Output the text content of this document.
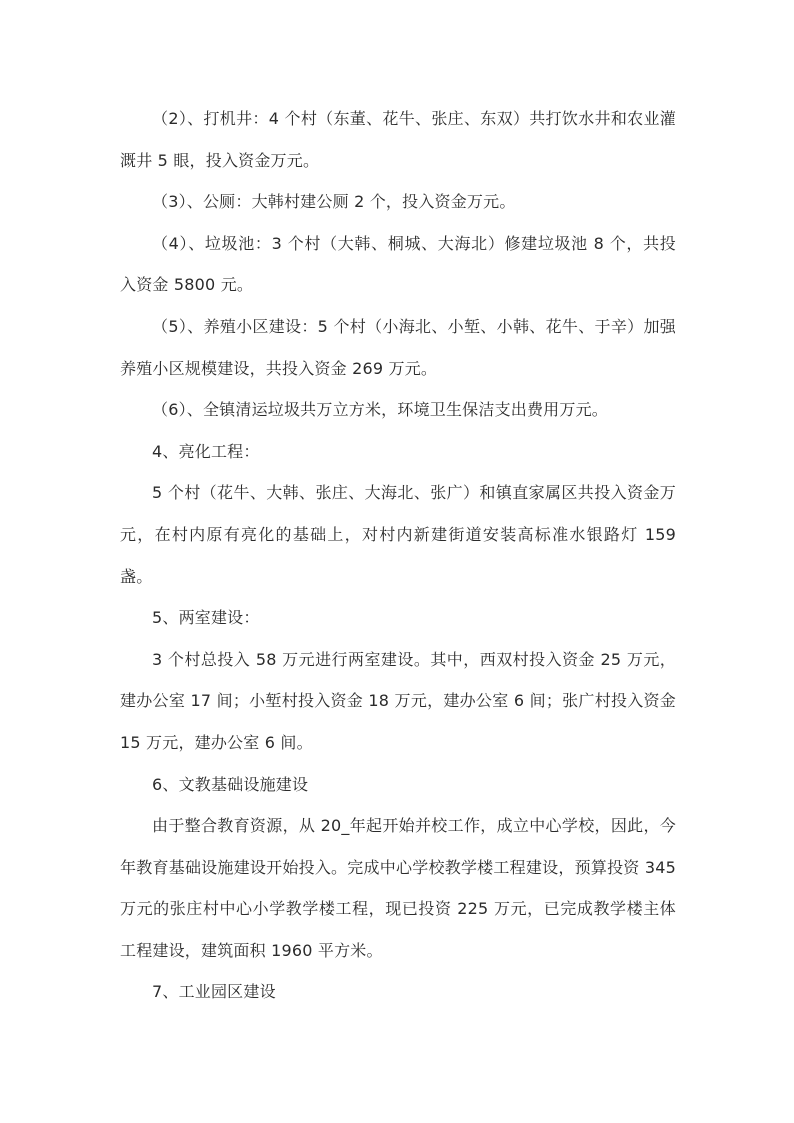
（2）、打机井：4 个村（东董、花牛、张庄、东双）共打饮水井和农业灌溉井 5 眼，投入资金万元。

（3）、公厕：大韩村建公厕 2 个，投入资金万元。

（4）、垃圾池：3 个村（大韩、桐城、大海北）修建垃圾池 8 个，共投入资金 5800 元。

（5）、养殖小区建设：5 个村（小海北、小堑、小韩、花牛、于辛）加强养殖小区规模建设，共投入资金 269 万元。

（6）、全镇清运垃圾共万立方米，环境卫生保洁支出费用万元。

4、亮化工程：

5 个村（花牛、大韩、张庄、大海北、张广）和镇直家属区共投入资金万元，在村内原有亮化的基础上，对村内新建街道安装高标准水银路灯 159 盏。

5、两室建设：

3 个村总投入 58 万元进行两室建设。其中，西双村投入资金 25 万元，建办公室 17 间；小堑村投入资金 18 万元，建办公室 6 间；张广村投入资金 15 万元，建办公室 6 间。

6、文教基础设施建设

由于整合教育资源，从 20_年起开始并校工作，成立中心学校，因此，今年教育基础设施建设开始投入。完成中心学校教学楼工程建设，预算投资 345 万元的张庄村中心小学教学楼工程，现已投资 225 万元，已完成教学楼主体工程建设，建筑面积 1960 平方米。

7、工业园区建设
